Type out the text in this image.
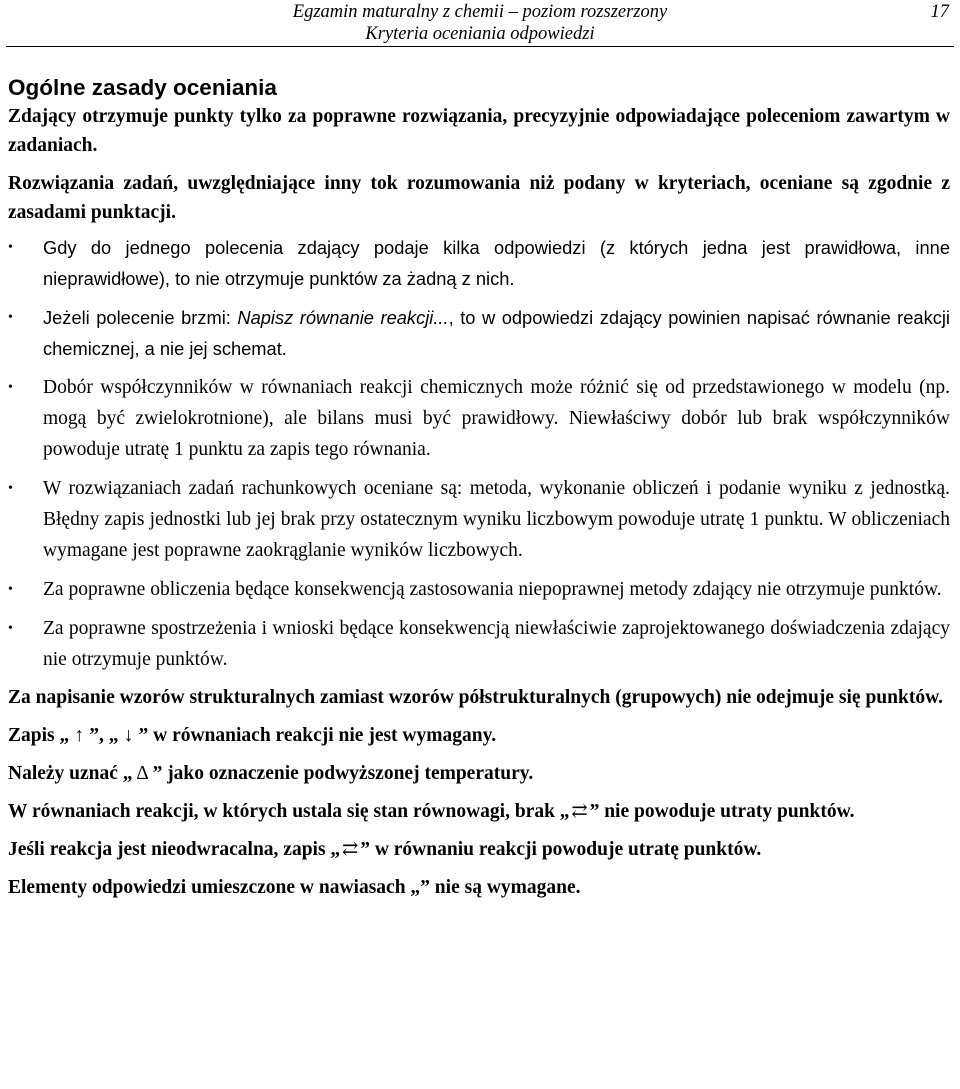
Egzamin maturalny z chemii – poziom rozszerzony
Kryteria oceniania odpowiedzi
17
Ogólne zasady oceniania

Zdający otrzymuje punkty tylko za poprawne rozwiązania, precyzyjnie odpowiadające poleceniom zawartym w zadaniach.

Rozwiązania zadań, uwzględniające inny tok rozumowania niż podany w kryteriach, oceniane są zgodnie z zasadami punktacji.

• Gdy do jednego polecenia zdający podaje kilka odpowiedzi (z których jedna jest prawidłowa, inne nieprawidłowe), to nie otrzymuje punktów za żadną z nich.
• Jeżeli polecenie brzmi: Napisz równanie reakcji..., to w odpowiedzi zdający powinien napisać równanie reakcji chemicznej, a nie jej schemat.
• Dobór współczynników w równaniach reakcji chemicznych może różnić się od przedstawionego w modelu (np. mogą być zwielokrotnione), ale bilans musi być prawidłowy. Niewłaściwy dobór lub brak współczynników powoduje utratę 1 punktu za zapis tego równania.
• W rozwiązaniach zadań rachunkowych oceniane są: metoda, wykonanie obliczeń i podanie wyniku z jednostką. Błędny zapis jednostki lub jej brak przy ostatecznym wyniku liczbowym powoduje utratę 1 punktu. W obliczeniach wymagane jest poprawne zaokrąglanie wyników liczbowych.
• Za poprawne obliczenia będące konsekwencją zastosowania niepoprawnej metody zdający nie otrzymuje punktów.
• Za poprawne spostrzeżenia i wnioski będące konsekwencją niewłaściwie zaprojektowanego doświadczenia zdający nie otrzymuje punktów.

Za napisanie wzorów strukturalnych zamiast wzorów półstrukturalnych (grupowych) nie odejmuje się punktów.

Zapis „ ↑ ”, „ ↓ ” w równaniach reakcji nie jest wymagany.

Należy uznać „ Δ ” jako oznaczenie podwyższonej temperatury.

W równaniach reakcji, w których ustala się stan równowagi, brak „⇄” nie powoduje utraty punktów.

Jeśli reakcja jest nieodwracalna, zapis „⇄” w równaniu reakcji powoduje utratę punktów.

Elementy odpowiedzi umieszczone w nawiasach „” nie są wymagane.
